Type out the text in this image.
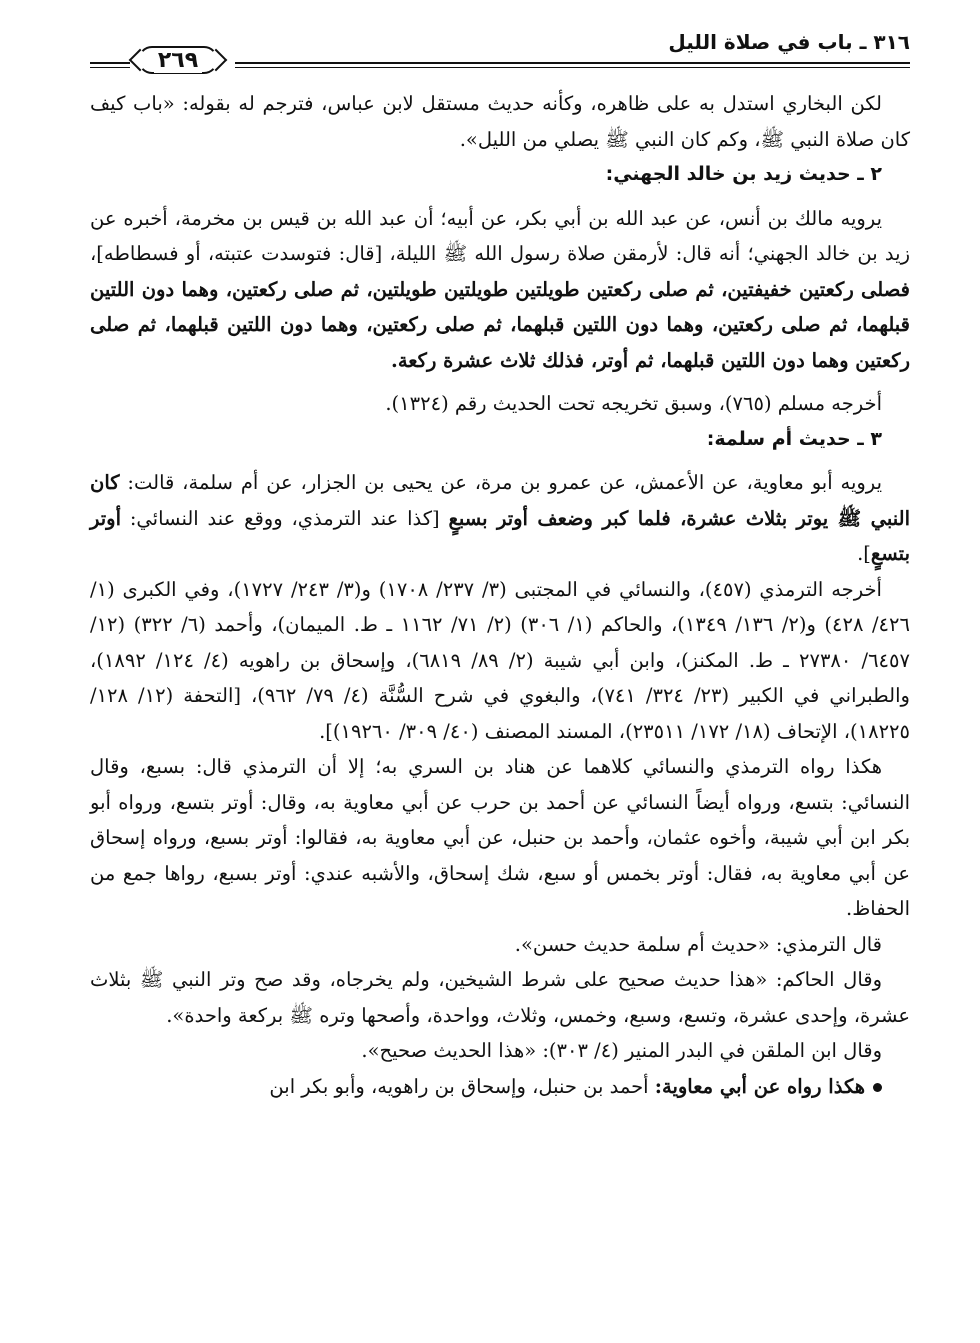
٣١٦ ـ باب في صلاة الليل
٢٦٩

لكن البخاري استدل به على ظاهره، وكأنه حديث مستقل لابن عباس، فترجم له بقوله: «باب كيف كان صلاة النبي ﷺ، وكم كان النبي ﷺ يصلي من الليل».

٢ ـ حديث زيد بن خالد الجهني:

يرويه مالك بن أنس، عن عبد الله بن أبي بكر، عن أبيه؛ أن عبد الله بن قيس بن مخرمة، أخبره عن زيد بن خالد الجهني؛ أنه قال: لأرمقن صلاة رسول الله ﷺ الليلة، [قال: فتوسدت عتبته، أو فسطاطه]، فصلى ركعتين خفيفتين، ثم صلى ركعتين طويلتين طويلتين طويلتين، ثم صلى ركعتين، وهما دون اللتين قبلهما، ثم صلى ركعتين، وهما دون اللتين قبلهما، ثم صلى ركعتين، وهما دون اللتين قبلهما، ثم صلى ركعتين وهما دون اللتين قبلهما، ثم أوتر، فذلك ثلاث عشرة ركعة.

أخرجه مسلم (٧٦٥)، وسبق تخريجه تحت الحديث رقم (١٣٢٤).

٣ ـ حديث أم سلمة:

يرويه أبو معاوية، عن الأعمش، عن عمرو بن مرة، عن يحيى بن الجزار، عن أم سلمة، قالت: كان النبي ﷺ يوتر بثلاث عشرة، فلما كبر وضعف أوتر بسبعٍ [كذا عند الترمذي، ووقع عند النسائي: أوتر بتسعٍ].

أخرجه الترمذي (٤٥٧)، والنسائي في المجتبى (٣/ ٢٣٧/ ١٧٠٨) و(٣/ ٢٤٣/ ١٧٢٧)، وفي الكبرى (١/ ٤٢٦/ ٤٢٨) و(٢/ ١٣٦/ ١٣٤٩)، والحاكم (١/ ٣٠٦) (٢/ ٧١/ ١١٦٢ ـ ط. الميمان)، وأحمد (٦/ ٣٢٢) (١٢/ ٦٤٥٧/ ٢٧٣٨٠ ـ ط. المكنز)، وابن أبي شيبة (٢/ ٨٩/ ٦٨١٩)، وإسحاق بن راهويه (٤/ ١٢٤/ ١٨٩٢)، والطبراني في الكبير (٢٣/ ٣٢٤/ ٧٤١)، والبغوي في شرح السُّنَّة (٤/ ٧٩/ ٩٦٢)، [التحفة (١٢/ ١٢٨/ ١٨٢٢٥)، الإتحاف (١٨/ ١٧٢/ ٢٣٥١١)، المسند المصنف (٤٠/ ٣٠٩/ ١٩٢٦٠)].

هكذا رواه الترمذي والنسائي كلاهما عن هناد بن السري به؛ إلا أن الترمذي قال: بسبع، وقال النسائي: بتسع، ورواه أيضاً النسائي عن أحمد بن حرب عن أبي معاوية به، وقال: أوتر بتسع، ورواه أبو بكر ابن أبي شيبة، وأخوه عثمان، وأحمد بن حنبل، عن أبي معاوية به، فقالوا: أوتر بسبع، ورواه إسحاق عن أبي معاوية به، فقال: أوتر بخمس أو سبع، شك إسحاق، والأشبه عندي: أوتر بسبع، رواها جمع من الحفاظ.

قال الترمذي: «حديث أم سلمة حديث حسن».

وقال الحاكم: «هذا حديث صحيح على شرط الشيخين، ولم يخرجاه، وقد صح وتر النبي ﷺ بثلاث عشرة، وإحدى عشرة، وتسع، وسبع، وخمس، وثلاث، وواحدة، وأصحها وتره ﷺ بركعة واحدة».

وقال ابن الملقن في البدر المنير (٤/ ٣٠٣): «هذا الحديث صحيح».

هكذا رواه عن أبي معاوية: أحمد بن حنبل، وإسحاق بن راهويه، وأبو بكر ابن
